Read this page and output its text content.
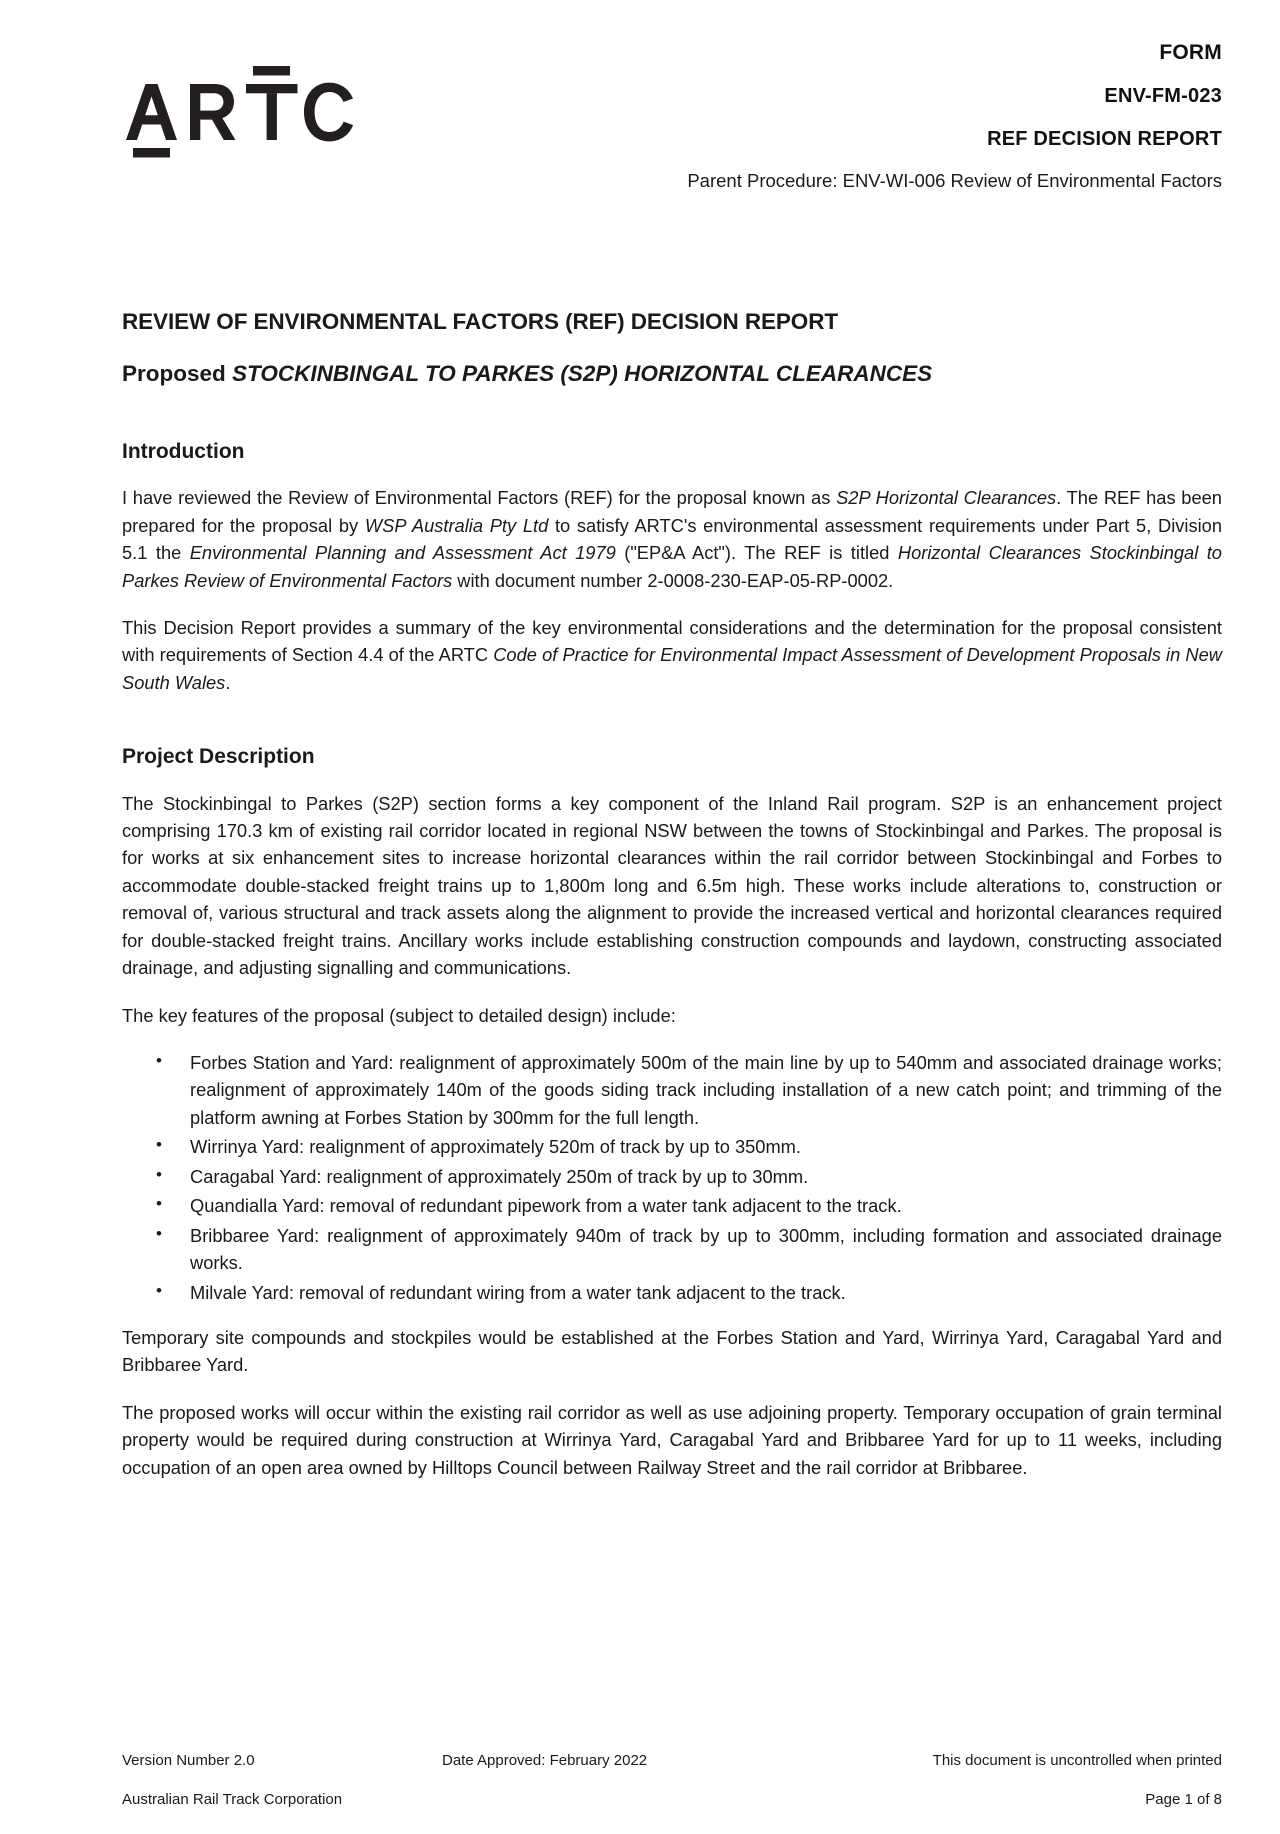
FORM
ENV-FM-023
REF DECISION REPORT
Parent Procedure: ENV-WI-006 Review of Environmental Factors
REVIEW OF ENVIRONMENTAL FACTORS (REF) DECISION REPORT
Proposed STOCKINBINGAL TO PARKES (S2P) HORIZONTAL CLEARANCES
Introduction

I have reviewed the Review of Environmental Factors (REF) for the proposal known as S2P Horizontal Clearances. The REF has been prepared for the proposal by WSP Australia Pty Ltd to satisfy ARTC's environmental assessment requirements under Part 5, Division 5.1 the Environmental Planning and Assessment Act 1979 ("EP&A Act"). The REF is titled Horizontal Clearances Stockinbingal to Parkes Review of Environmental Factors with document number 2-0008-230-EAP-05-RP-0002.

This Decision Report provides a summary of the key environmental considerations and the determination for the proposal consistent with requirements of Section 4.4 of the ARTC Code of Practice for Environmental Impact Assessment of Development Proposals in New South Wales.

Project Description

The Stockinbingal to Parkes (S2P) section forms a key component of the Inland Rail program. S2P is an enhancement project comprising 170.3 km of existing rail corridor located in regional NSW between the towns of Stockinbingal and Parkes. The proposal is for works at six enhancement sites to increase horizontal clearances within the rail corridor between Stockinbingal and Forbes to accommodate double-stacked freight trains up to 1,800m long and 6.5m high. These works include alterations to, construction or removal of, various structural and track assets along the alignment to provide the increased vertical and horizontal clearances required for double-stacked freight trains. Ancillary works include establishing construction compounds and laydown, constructing associated drainage, and adjusting signalling and communications.

The key features of the proposal (subject to detailed design) include:

• Forbes Station and Yard: realignment of approximately 500m of the main line by up to 540mm and associated drainage works; realignment of approximately 140m of the goods siding track including installation of a new catch point; and trimming of the platform awning at Forbes Station by 300mm for the full length.
• Wirrinya Yard: realignment of approximately 520m of track by up to 350mm.
• Caragabal Yard: realignment of approximately 250m of track by up to 30mm.
• Quandialla Yard: removal of redundant pipework from a water tank adjacent to the track.
• Bribbaree Yard: realignment of approximately 940m of track by up to 300mm, including formation and associated drainage works.
• Milvale Yard: removal of redundant wiring from a water tank adjacent to the track.

Temporary site compounds and stockpiles would be established at the Forbes Station and Yard, Wirrinya Yard, Caragabal Yard and Bribbaree Yard.

The proposed works will occur within the existing rail corridor as well as use adjoining property. Temporary occupation of grain terminal property would be required during construction at Wirrinya Yard, Caragabal Yard and Bribbaree Yard for up to 11 weeks, including occupation of an open area owned by Hilltops Council between Railway Street and the rail corridor at Bribbaree.

Version Number 2.0	Date Approved: February 2022	This document is uncontrolled when printed
Australian Rail Track Corporation	Page 1 of 8
